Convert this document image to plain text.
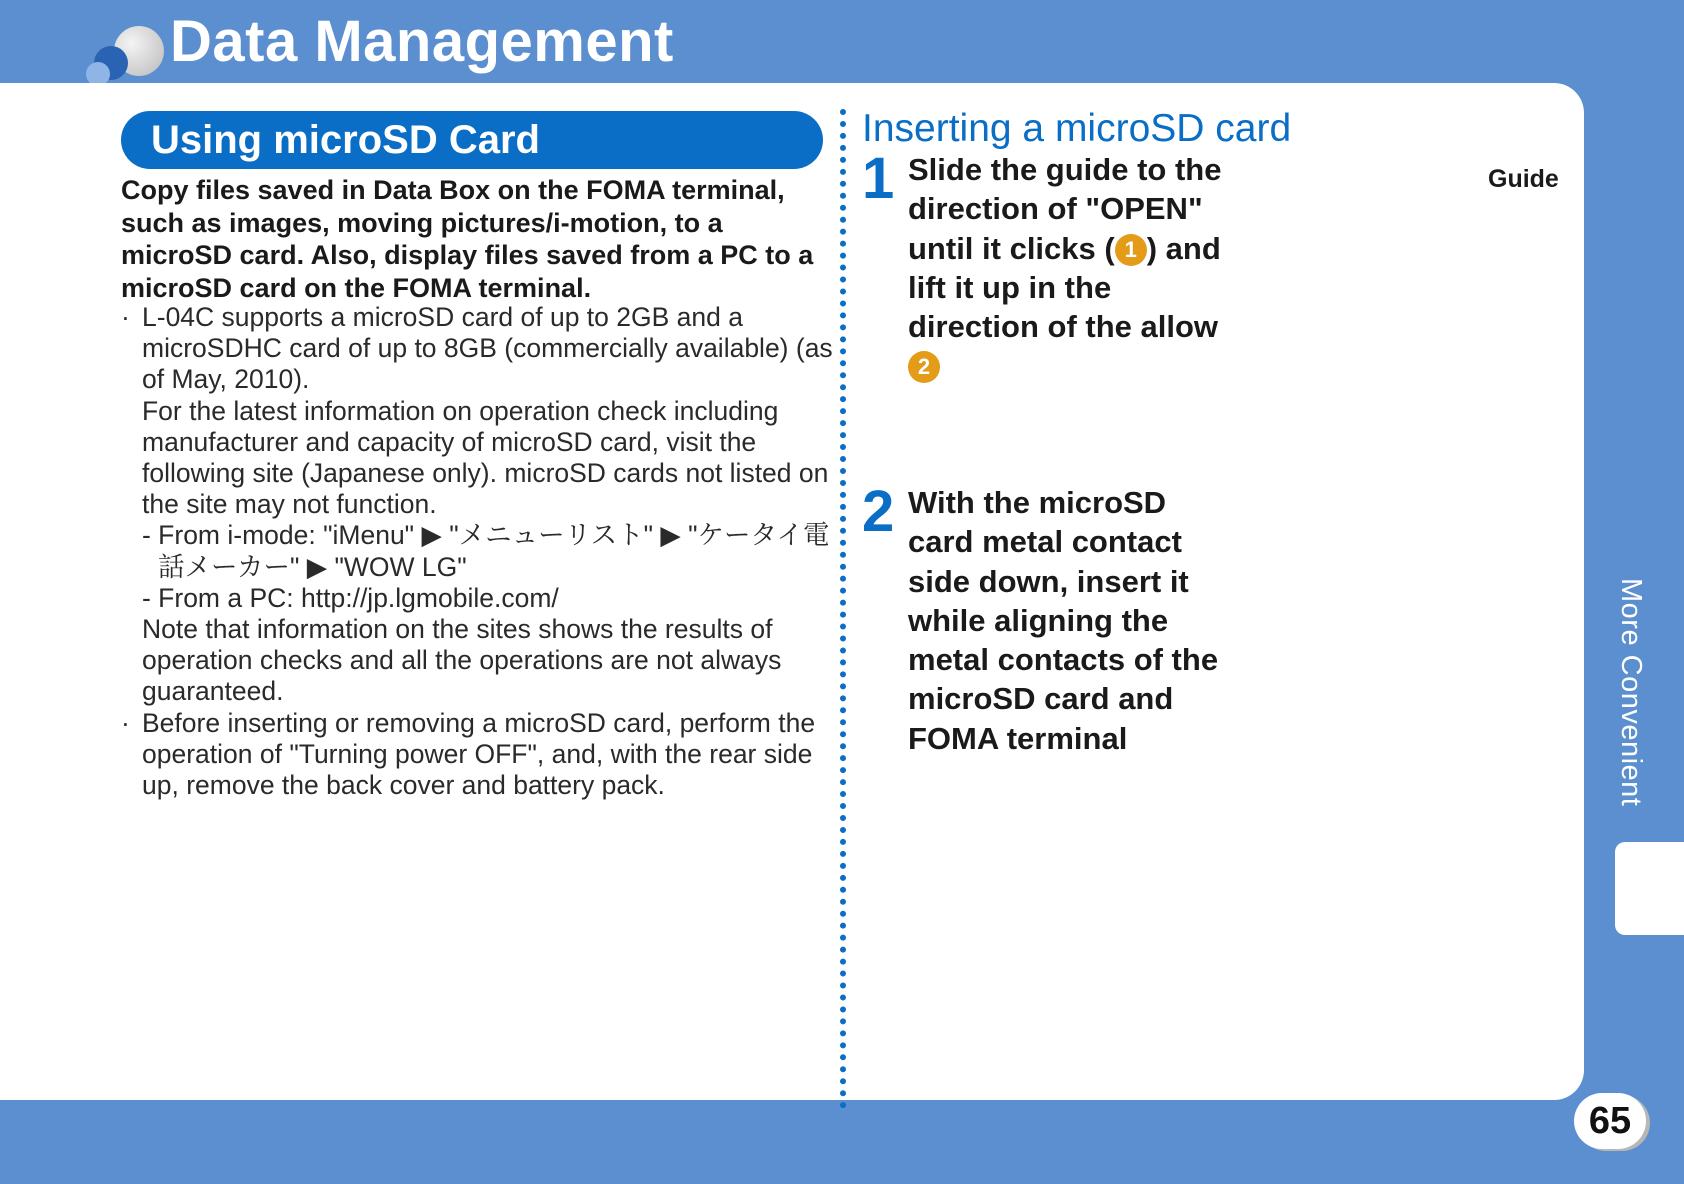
Data Management
Using microSD Card
Copy files saved in Data Box on the FOMA terminal, such as images, moving pictures/i-motion, to a microSD card. Also, display files saved from a PC to a microSD card on the FOMA terminal.
· L-04C supports a microSD card of up to 2GB and a microSDHC card of up to 8GB (commercially available) (as of May, 2010).
For the latest information on operation check including manufacturer and capacity of microSD card, visit the following site (Japanese only). microSD cards not listed on the site may not function.
- From i-mode: "iMenu" ▶ "メニューリスト" ▶ "ケータイ電話メーカー" ▶ "WOW LG"
- From a PC: http://jp.lgmobile.com/
Note that information on the sites shows the results of operation checks and all the operations are not always guaranteed.
· Before inserting or removing a microSD card, perform the operation of "Turning power OFF", and, with the rear side up, remove the back cover and battery pack.
Inserting a microSD card
Guide
1 Slide the guide to the direction of "OPEN" until it clicks ( 1 ) and lift it up in the direction of the allow 2
2 With the microSD card metal contact side down, insert it while aligning the metal contacts of the microSD card and FOMA terminal	More Convenient
65
